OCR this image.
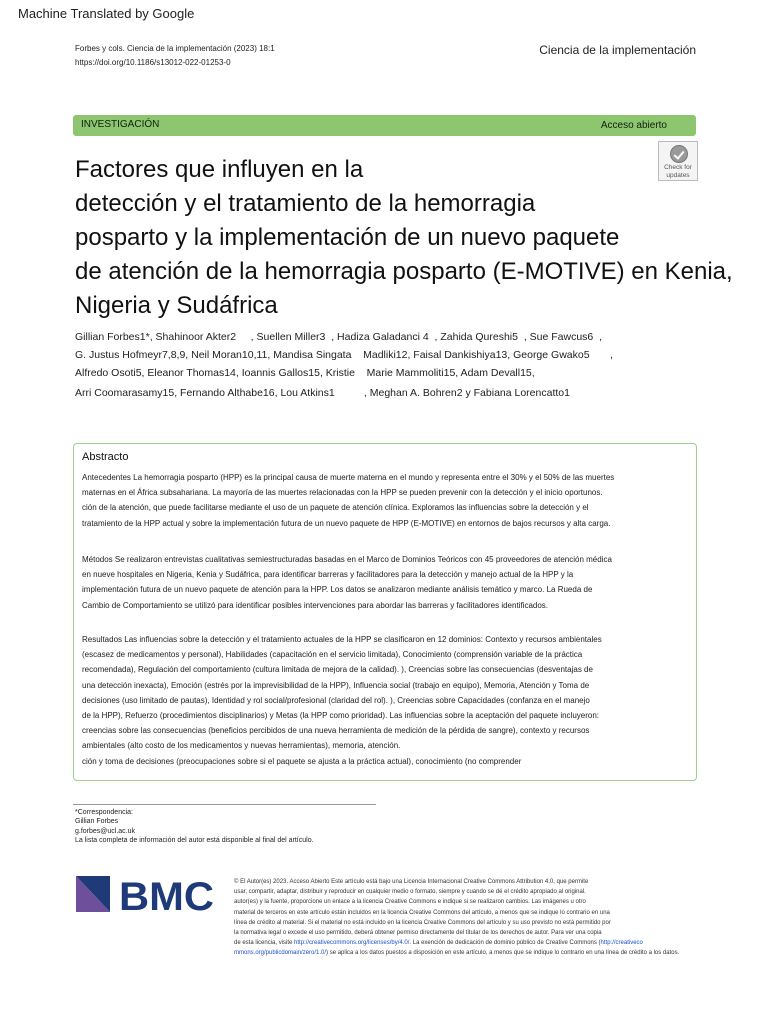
Machine Translated by Google
Forbes y cols. Ciencia de la implementación (2023) 18:1
https://doi.org/10.1186/s13012-022-01253-0
Ciencia de la implementación
INVESTIGACIÓN	Acceso abierto
Check for
updates
Factores que influyen en la
detección y el tratamiento de la hemorragia
posparto y la implementación de un nuevo paquete
de atención de la hemorragia posparto (E-MOTIVE) en Kenia,
Nigeria y Sudáfrica
Gillian Forbes1*, Shahinoor Akter2     , Suellen Miller3  , Hadiza Galadanci 4  , Zahida Qureshi5  , Sue Fawcus6  ,
G. Justus Hofmeyr7,8,9, Neil Moran10,11, Mandisa Singata    Madliki12, Faisal Dankishiya13, George Gwako5       ,
Alfredo Osoti5, Eleanor Thomas14, Ioannis Gallos15, Kristie    Marie Mammoliti15, Adam Devall15,
Arri Coomarasamy15, Fernando Althabe16, Lou Atkins1          , Meghan A. Bohren2 y Fabiana Lorencatto1
Abstracto
Antecedentes La hemorragia posparto (HPP) es la principal causa de muerte materna en el mundo y representa entre el 30% y el 50% de las muertes
maternas en el África subsahariana. La mayoría de las muertes relacionadas con la HPP se pueden prevenir con la detección y el inicio oportunos.
ción de la atención, que puede facilitarse mediante el uso de un paquete de atención clínica. Exploramos las influencias sobre la detección y el
tratamiento de la HPP actual y sobre la implementación futura de un nuevo paquete de HPP (E-MOTIVE) en entornos de bajos recursos y alta carga.
Métodos Se realizaron entrevistas cualitativas semiestructuradas basadas en el Marco de Dominios Teóricos con 45 proveedores de atención médica
en nueve hospitales en Nigeria, Kenia y Sudáfrica, para identificar barreras y facilitadores para la detección y manejo actual de la HPP y la
implementación futura de un nuevo paquete de atención para la HPP. Los datos se analizaron mediante análisis temático y marco. La Rueda de
Cambio de Comportamiento se utilizó para identificar posibles intervenciones para abordar las barreras y facilitadores identificados.
Resultados Las influencias sobre la detección y el tratamiento actuales de la HPP se clasificaron en 12 dominios: Contexto y recursos ambientales
(escasez de medicamentos y personal), Habilidades (capacitación en el servicio limitada), Conocimiento (comprensión variable de la práctica
recomendada), Regulación del comportamiento (cultura limitada de mejora de la calidad). ), Creencias sobre las consecuencias (desventajas de
una detección inexacta), Emoción (estrés por la imprevisibilidad de la HPP), Influencia social (trabajo en equipo), Memoria, Atención y Toma de
decisiones (uso limitado de pautas), Identidad y rol social/profesional (claridad del rol). ), Creencias sobre Capacidades (confanza en el manejo
de la HPP), Refuerzo (procedimientos disciplinarios) y Metas (la HPP como prioridad). Las influencias sobre la aceptación del paquete incluyeron:
creencias sobre las consecuencias (beneficios percibidos de una nueva herramienta de medición de la pérdida de sangre), contexto y recursos
ambientales (alto costo de los medicamentos y nuevas herramientas), memoria, atención.
ción y toma de decisiones (preocupaciones sobre si el paquete se ajusta a la práctica actual), conocimiento (no comprender
*Correspondencia:
Gillian Forbes
g.forbes@ucl.ac.uk
La lista completa de información del autor está disponible al final del artículo.
BMC	© El Autor(es) 2023. Acceso Abierto Este artículo está bajo una Licencia Internacional Creative Commons Attribution 4.0, que permite
usar, compartir, adaptar, distribuir y reproducir en cualquier medio o formato, siempre y cuando se dé el crédito apropiado al original.
autor(es) y la fuente, proporcione un enlace a la licencia Creative Commons e indique si se realizaron cambios. Las imágenes u otro
material de terceros en este artículo están incluidos en la licencia Creative Commons del artículo, a menos que se indique lo contrario en una
línea de crédito al material. Si el material no está incluido en la licencia Creative Commons del artículo y su uso previsto no está permitido por
la normativa legal o excede el uso permitido, deberá obtener permiso directamente del titular de los derechos de autor. Para ver una copia
de esta licencia, visite http://creativecommons.org/licenses/by/4.0/. La exención de dedicación de dominio público de Creative Commons (http://creativeco
mmons.org/publicdomain/zero/1.0/) se aplica a los datos puestos a disposición en este artículo, a menos que se indique lo contrario en una línea de crédito a los datos.
